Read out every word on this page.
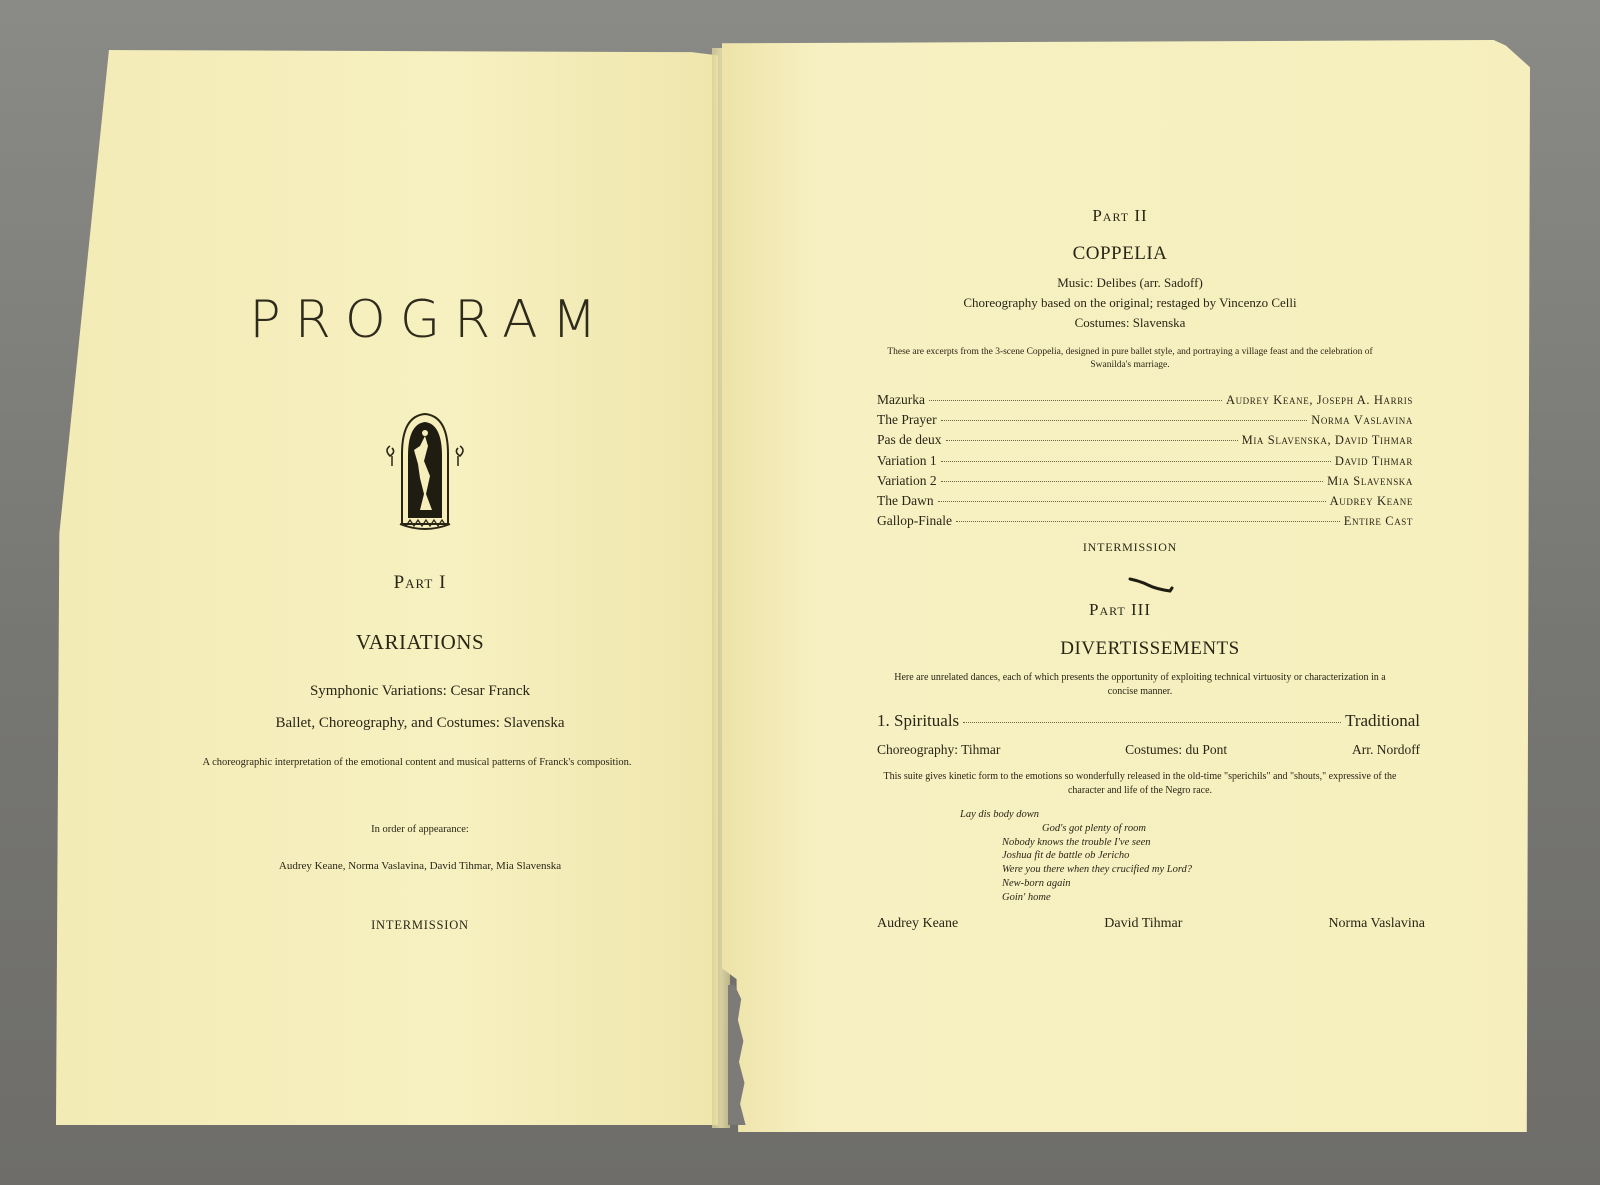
PROGRAM
Part I
VARIATIONS
Symphonic Variations: Cesar Franck
Ballet, Choreography, and Costumes: Slavenska
A choreographic interpretation of the emotional content and musical patterns of Franck's composition.
In order of appearance:
Audrey Keane, Norma Vaslavina, David Tihmar, Mia Slavenska
INTERMISSION
Part II
COPPELIA
Music: Delibes (arr. Sadoff)
Choreography based on the original; restaged by Vincenzo Celli
Costumes: Slavenska
These are excerpts from the 3-scene Coppelia, designed in pure ballet style, and portraying a village feast and the celebration of Swanilda's marriage.
Mazurka	Audrey Keane, Joseph A. Harris
The Prayer	Norma Vaslavina
Pas de deux	Mia Slavenska, David Tihmar
Variation 1	David Tihmar
Variation 2	Mia Slavenska
The Dawn	Audrey Keane
Gallop-Finale	Entire Cast
INTERMISSION
Part III
DIVERTISSEMENTS
Here are unrelated dances, each of which presents the opportunity of exploiting technical virtuosity or characterization in a concise manner.
1. Spirituals	Traditional
Choreography: Tihmar	Costumes: du Pont	Arr. Nordoff
This suite gives kinetic form to the emotions so wonderfully released in the old-time "sperichils" and "shouts," expressive of the character and life of the Negro race.
Lay dis body down
God's got plenty of room
Nobody knows the trouble I've seen
Joshua fit de battle ob Jericho
Were you there when they crucified my Lord?
New-born again
Goin' home
Audrey Keane	David Tihmar	Norma Vaslavina
